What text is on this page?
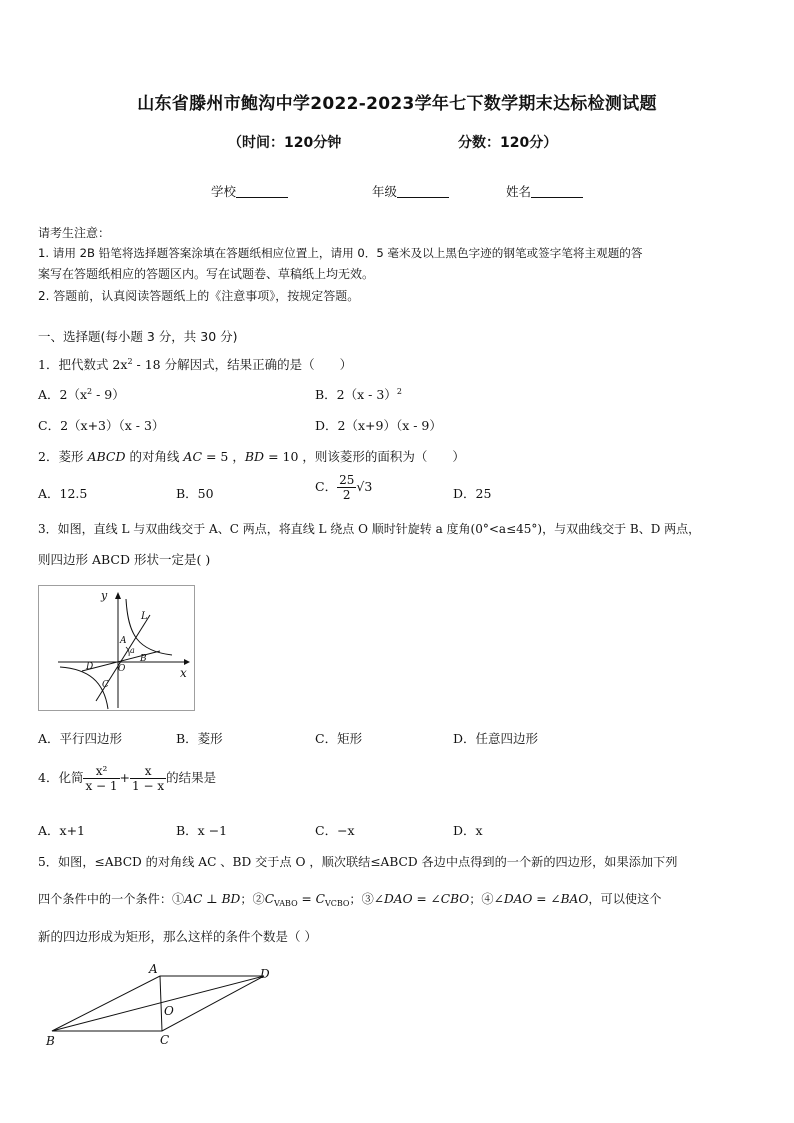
山东省滕州市鲍沟中学2022-2023学年七下数学期末达标检测试题
（时间：120分钟	分数：120分）
学校	年级	姓名
请考生注意：
1. 请用 2B 铅笔将选择题答案涂填在答题纸相应位置上，请用 0．5 毫米及以上黑色字迹的钢笔或签字笔将主观题的答
案写在答题纸相应的答题区内。写在试题卷、草稿纸上均无效。
2. 答题前，认真阅读答题纸上的《注意事项》，按规定答题。
一、选择题(每小题 3 分，共 30 分)
1．把代数式 $2x^2 - 18$ 分解因式，结果正确的是（　　）
A．$2(x^2 - 9)$	B．2（x - 3）$^2$
C．2（x+3）（x - 3）	D．2（x+9）（x - 9）
2．菱形 ABCD 的对角线 AC = 5 ，BD = 10 ，则该菱形的面积为（　　）
A．12.5	B．50	C． $\frac{25}{2} √3$	D．25
3．如图，直线 L 与双曲线交于 A、C 两点，将直线 L 绕点 O 顺时针旋转 a 度角(0°<a≤45°)，与双曲线交于 B、D 两点，
则四边形 ABCD 形状一定是( )
y
x
L
A
a
B
D	O
C
A．平行四边形	B．菱形	C．矩形	D．任意四边形
4．化简 $\frac{\text{x²}}{x - 1} + \frac{x}{1 - x}$ 的结果是
A．x+1	B．x −1	C．−x	D．x
5．如图，≤ABCD 的对角线 AC 、BD 交于点 O ，顺次联结≤ABCD 各边中点得到的一个新的四边形，如果添加下列
四个条件中的一个条件：①AC ⊥ BD；$②C_{VABO} = C_{VCBO}$；③∠DAO = ∠CBO；④∠DAO = ∠BAO，可以使这个
新的四边形成为矩形，那么这样的条件个数是（ ）
A	D
O
B	C
